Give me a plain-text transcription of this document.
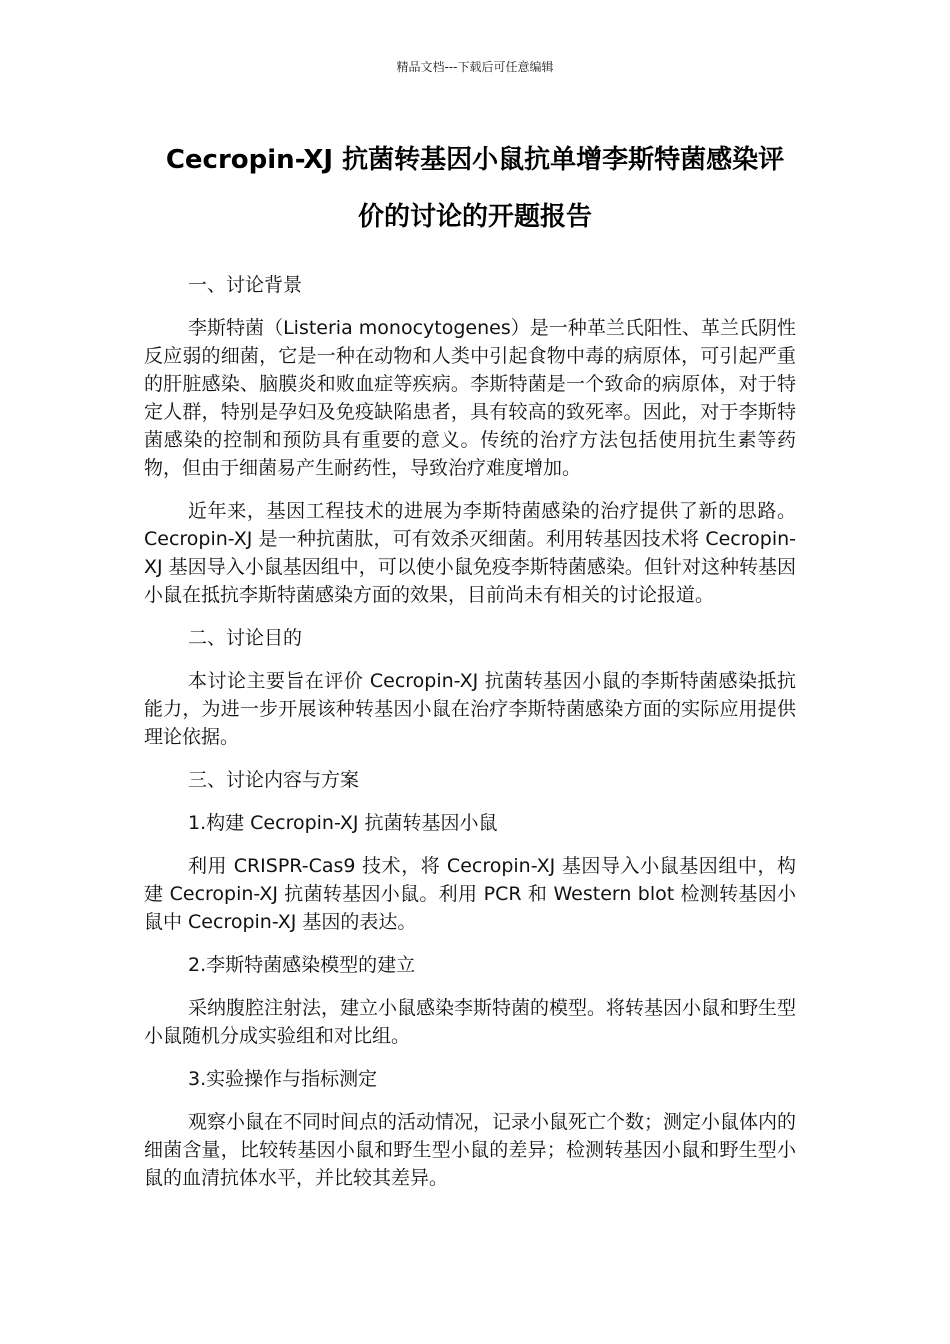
精品文档---下载后可任意编辑
Cecropin-XJ 抗菌转基因小鼠抗单增李斯特菌感染评
价的讨论的开题报告

一、讨论背景

李斯特菌（Listeria monocytogenes）是一种革兰氏阳性、革兰氏阴性反应弱的细菌，它是一种在动物和人类中引起食物中毒的病原体，可引起严重的肝脏感染、脑膜炎和败血症等疾病。李斯特菌是一个致命的病原体，对于特定人群，特别是孕妇及免疫缺陷患者，具有较高的致死率。因此，对于李斯特菌感染的控制和预防具有重要的意义。传统的治疗方法包括使用抗生素等药物，但由于细菌易产生耐药性，导致治疗难度增加。

近年来，基因工程技术的进展为李斯特菌感染的治疗提供了新的思路。Cecropin-XJ 是一种抗菌肽，可有效杀灭细菌。利用转基因技术将 Cecropin-XJ 基因导入小鼠基因组中，可以使小鼠免疫李斯特菌感染。但针对这种转基因小鼠在抵抗李斯特菌感染方面的效果，目前尚未有相关的讨论报道。

二、讨论目的

本讨论主要旨在评价 Cecropin-XJ 抗菌转基因小鼠的李斯特菌感染抵抗能力，为进一步开展该种转基因小鼠在治疗李斯特菌感染方面的实际应用提供理论依据。

三、讨论内容与方案

1.构建 Cecropin-XJ 抗菌转基因小鼠

利用 CRISPR-Cas9 技术，将 Cecropin-XJ 基因导入小鼠基因组中，构建 Cecropin-XJ 抗菌转基因小鼠。利用 PCR 和 Western blot 检测转基因小鼠中 Cecropin-XJ 基因的表达。

2.李斯特菌感染模型的建立

采纳腹腔注射法，建立小鼠感染李斯特菌的模型。将转基因小鼠和野生型小鼠随机分成实验组和对比组。

3.实验操作与指标测定

观察小鼠在不同时间点的活动情况，记录小鼠死亡个数；测定小鼠体内的细菌含量，比较转基因小鼠和野生型小鼠的差异；检测转基因小鼠和野生型小鼠的血清抗体水平，并比较其差异。
